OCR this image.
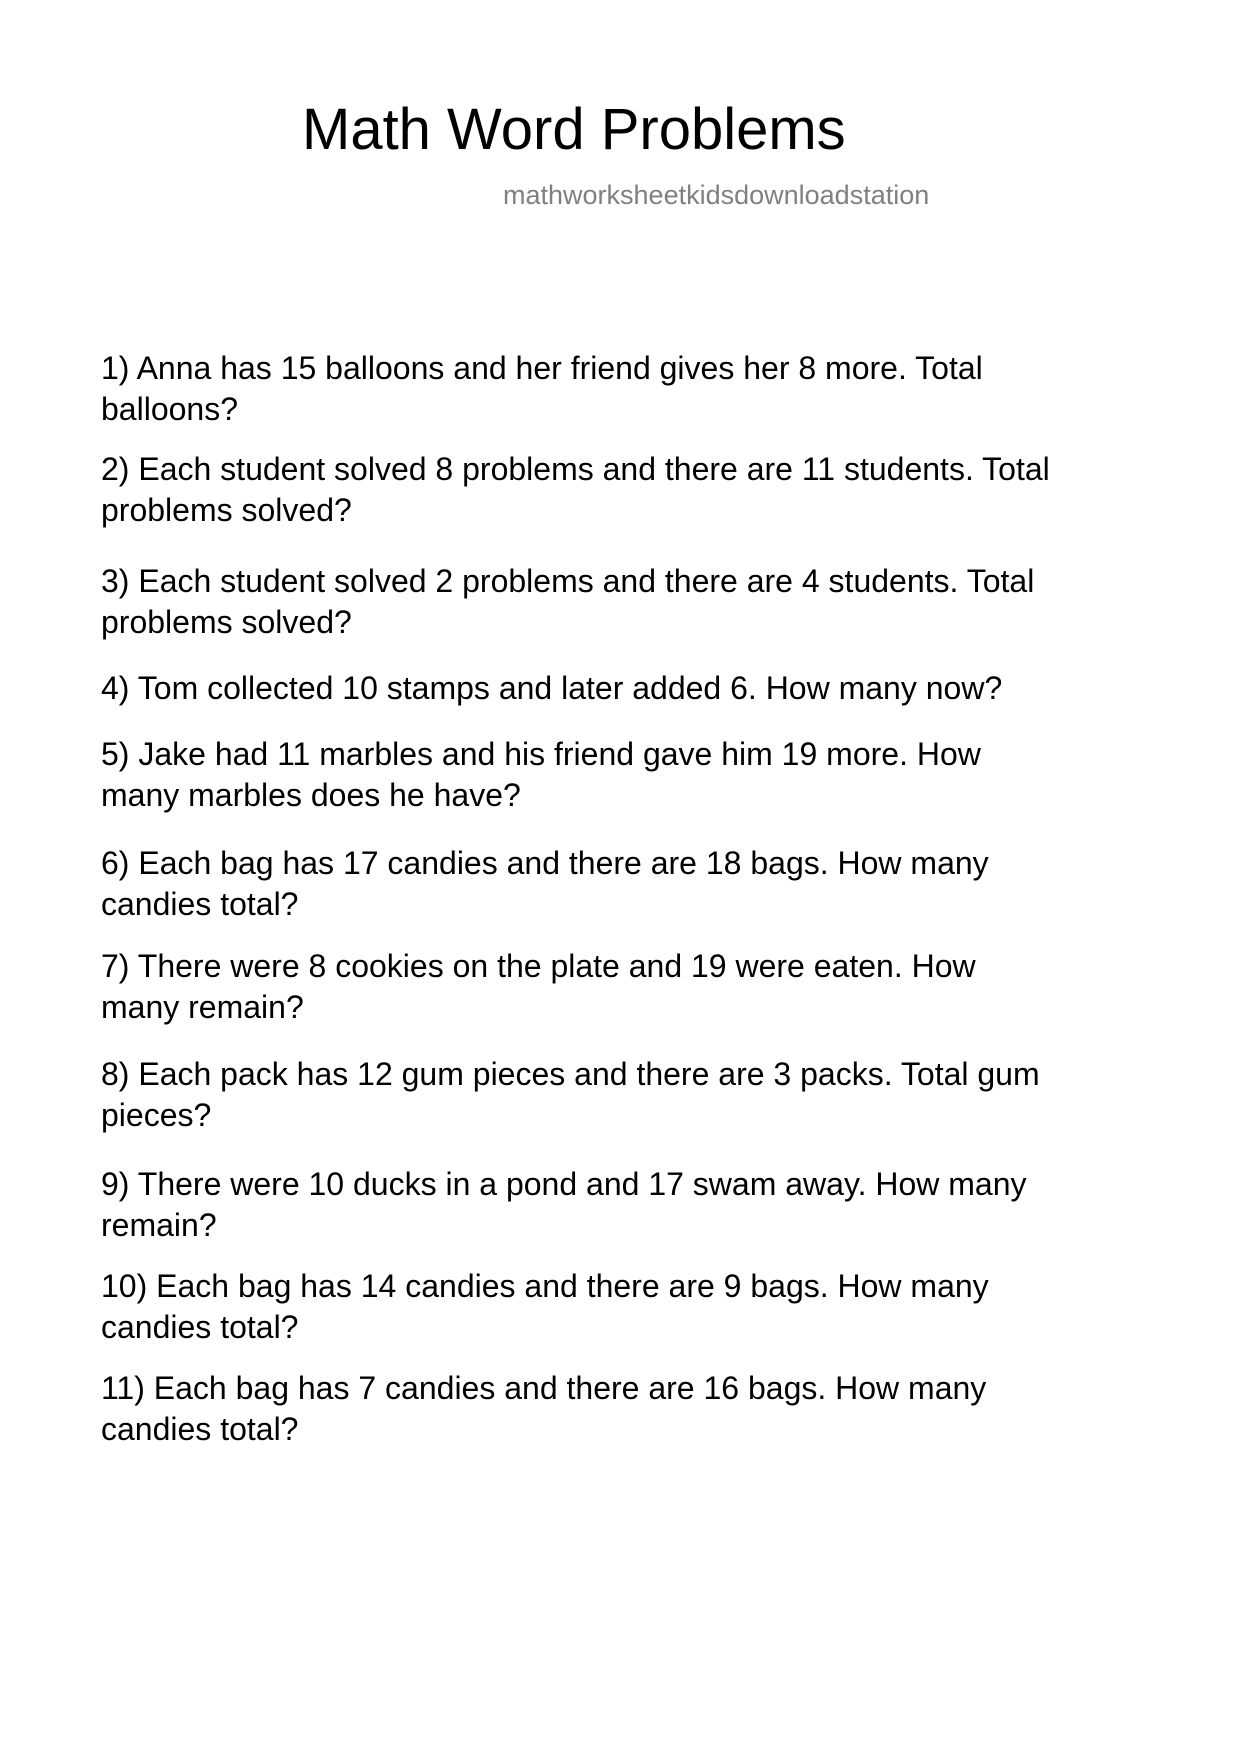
Math Word Problems
mathworksheetkidsdownloadstation
1) Anna has 15 balloons and her friend gives her 8 more. Total
balloons?
2) Each student solved 8 problems and there are 11 students. Total
problems solved?
3) Each student solved 2 problems and there are 4 students. Total
problems solved?
4) Tom collected 10 stamps and later added 6. How many now?
5) Jake had 11 marbles and his friend gave him 19 more. How
many marbles does he have?
6) Each bag has 17 candies and there are 18 bags. How many
candies total?
7) There were 8 cookies on the plate and 19 were eaten. How
many remain?
8) Each pack has 12 gum pieces and there are 3 packs. Total gum
pieces?
9) There were 10 ducks in a pond and 17 swam away. How many
remain?
10) Each bag has 14 candies and there are 9 bags. How many
candies total?
11) Each bag has 7 candies and there are 16 bags. How many
candies total?
